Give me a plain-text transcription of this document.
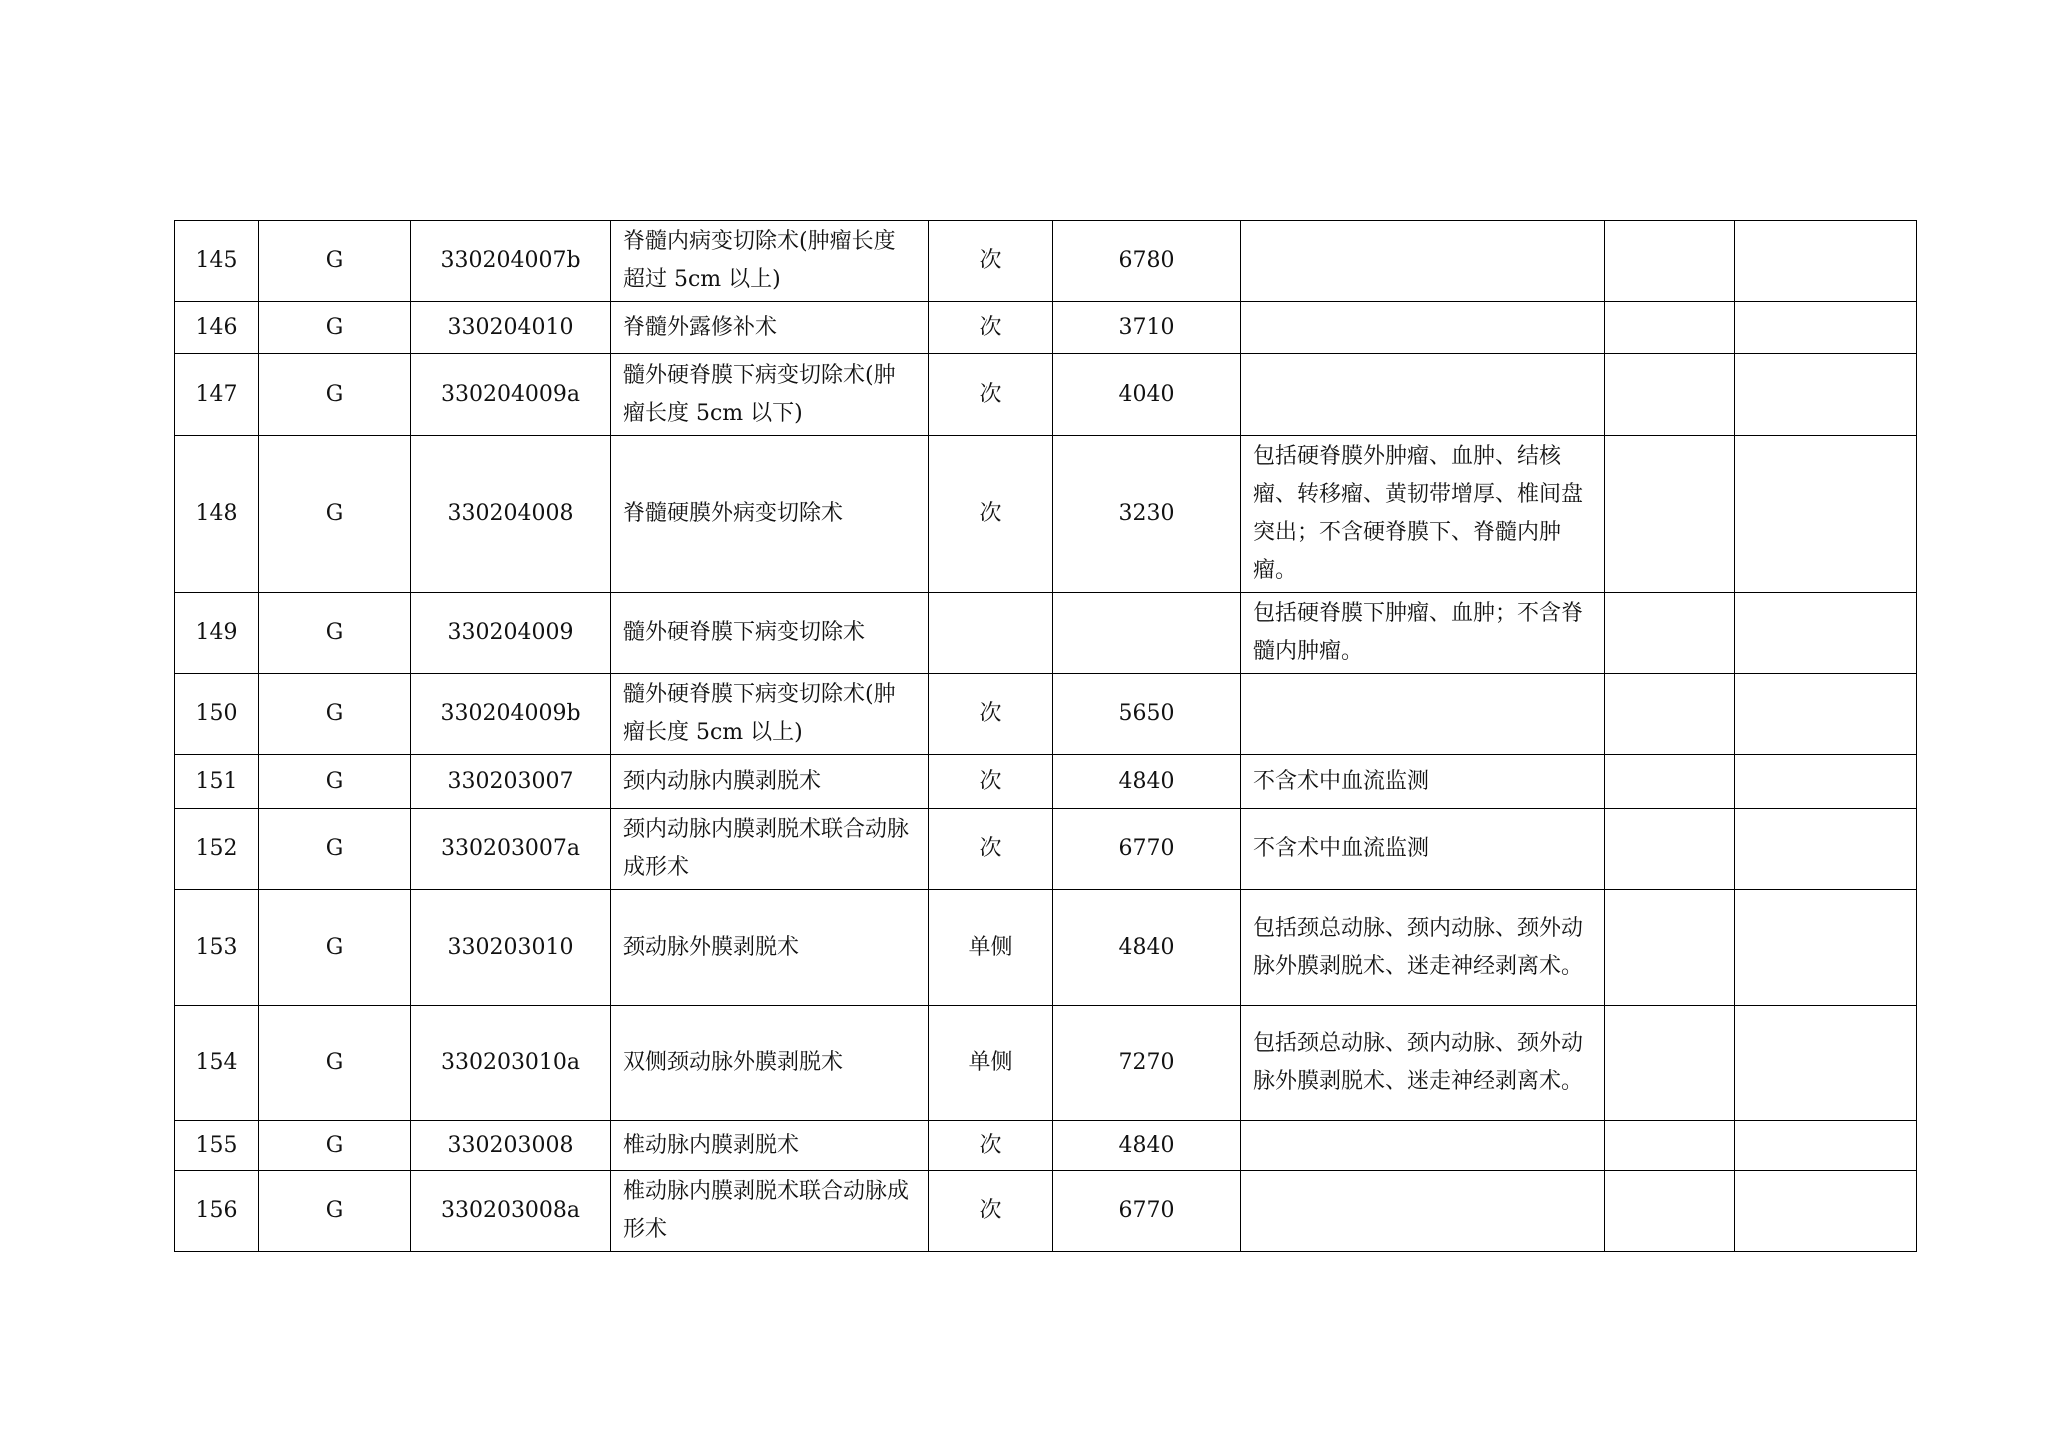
145	G	330204007b	脊髓内病变切除术(肿瘤长度超过 5cm 以上)	次	6780			
146	G	330204010	脊髓外露修补术	次	3710			
147	G	330204009a	髓外硬脊膜下病变切除术(肿瘤长度 5cm 以下)	次	4040			
148	G	330204008	脊髓硬膜外病变切除术	次	3230	包括硬脊膜外肿瘤、血肿、结核瘤、转移瘤、黄韧带增厚、椎间盘突出；不含硬脊膜下、脊髓内肿瘤。		
149	G	330204009	髓外硬脊膜下病变切除术			包括硬脊膜下肿瘤、血肿；不含脊髓内肿瘤。		
150	G	330204009b	髓外硬脊膜下病变切除术(肿瘤长度 5cm 以上)	次	5650			
151	G	330203007	颈内动脉内膜剥脱术	次	4840	不含术中血流监测		
152	G	330203007a	颈内动脉内膜剥脱术联合动脉成形术	次	6770	不含术中血流监测		
153	G	330203010	颈动脉外膜剥脱术	单侧	4840	包括颈总动脉、颈内动脉、颈外动脉外膜剥脱术、迷走神经剥离术。		
154	G	330203010a	双侧颈动脉外膜剥脱术	单侧	7270	包括颈总动脉、颈内动脉、颈外动脉外膜剥脱术、迷走神经剥离术。		
155	G	330203008	椎动脉内膜剥脱术	次	4840			
156	G	330203008a	椎动脉内膜剥脱术联合动脉成形术	次	6770			
